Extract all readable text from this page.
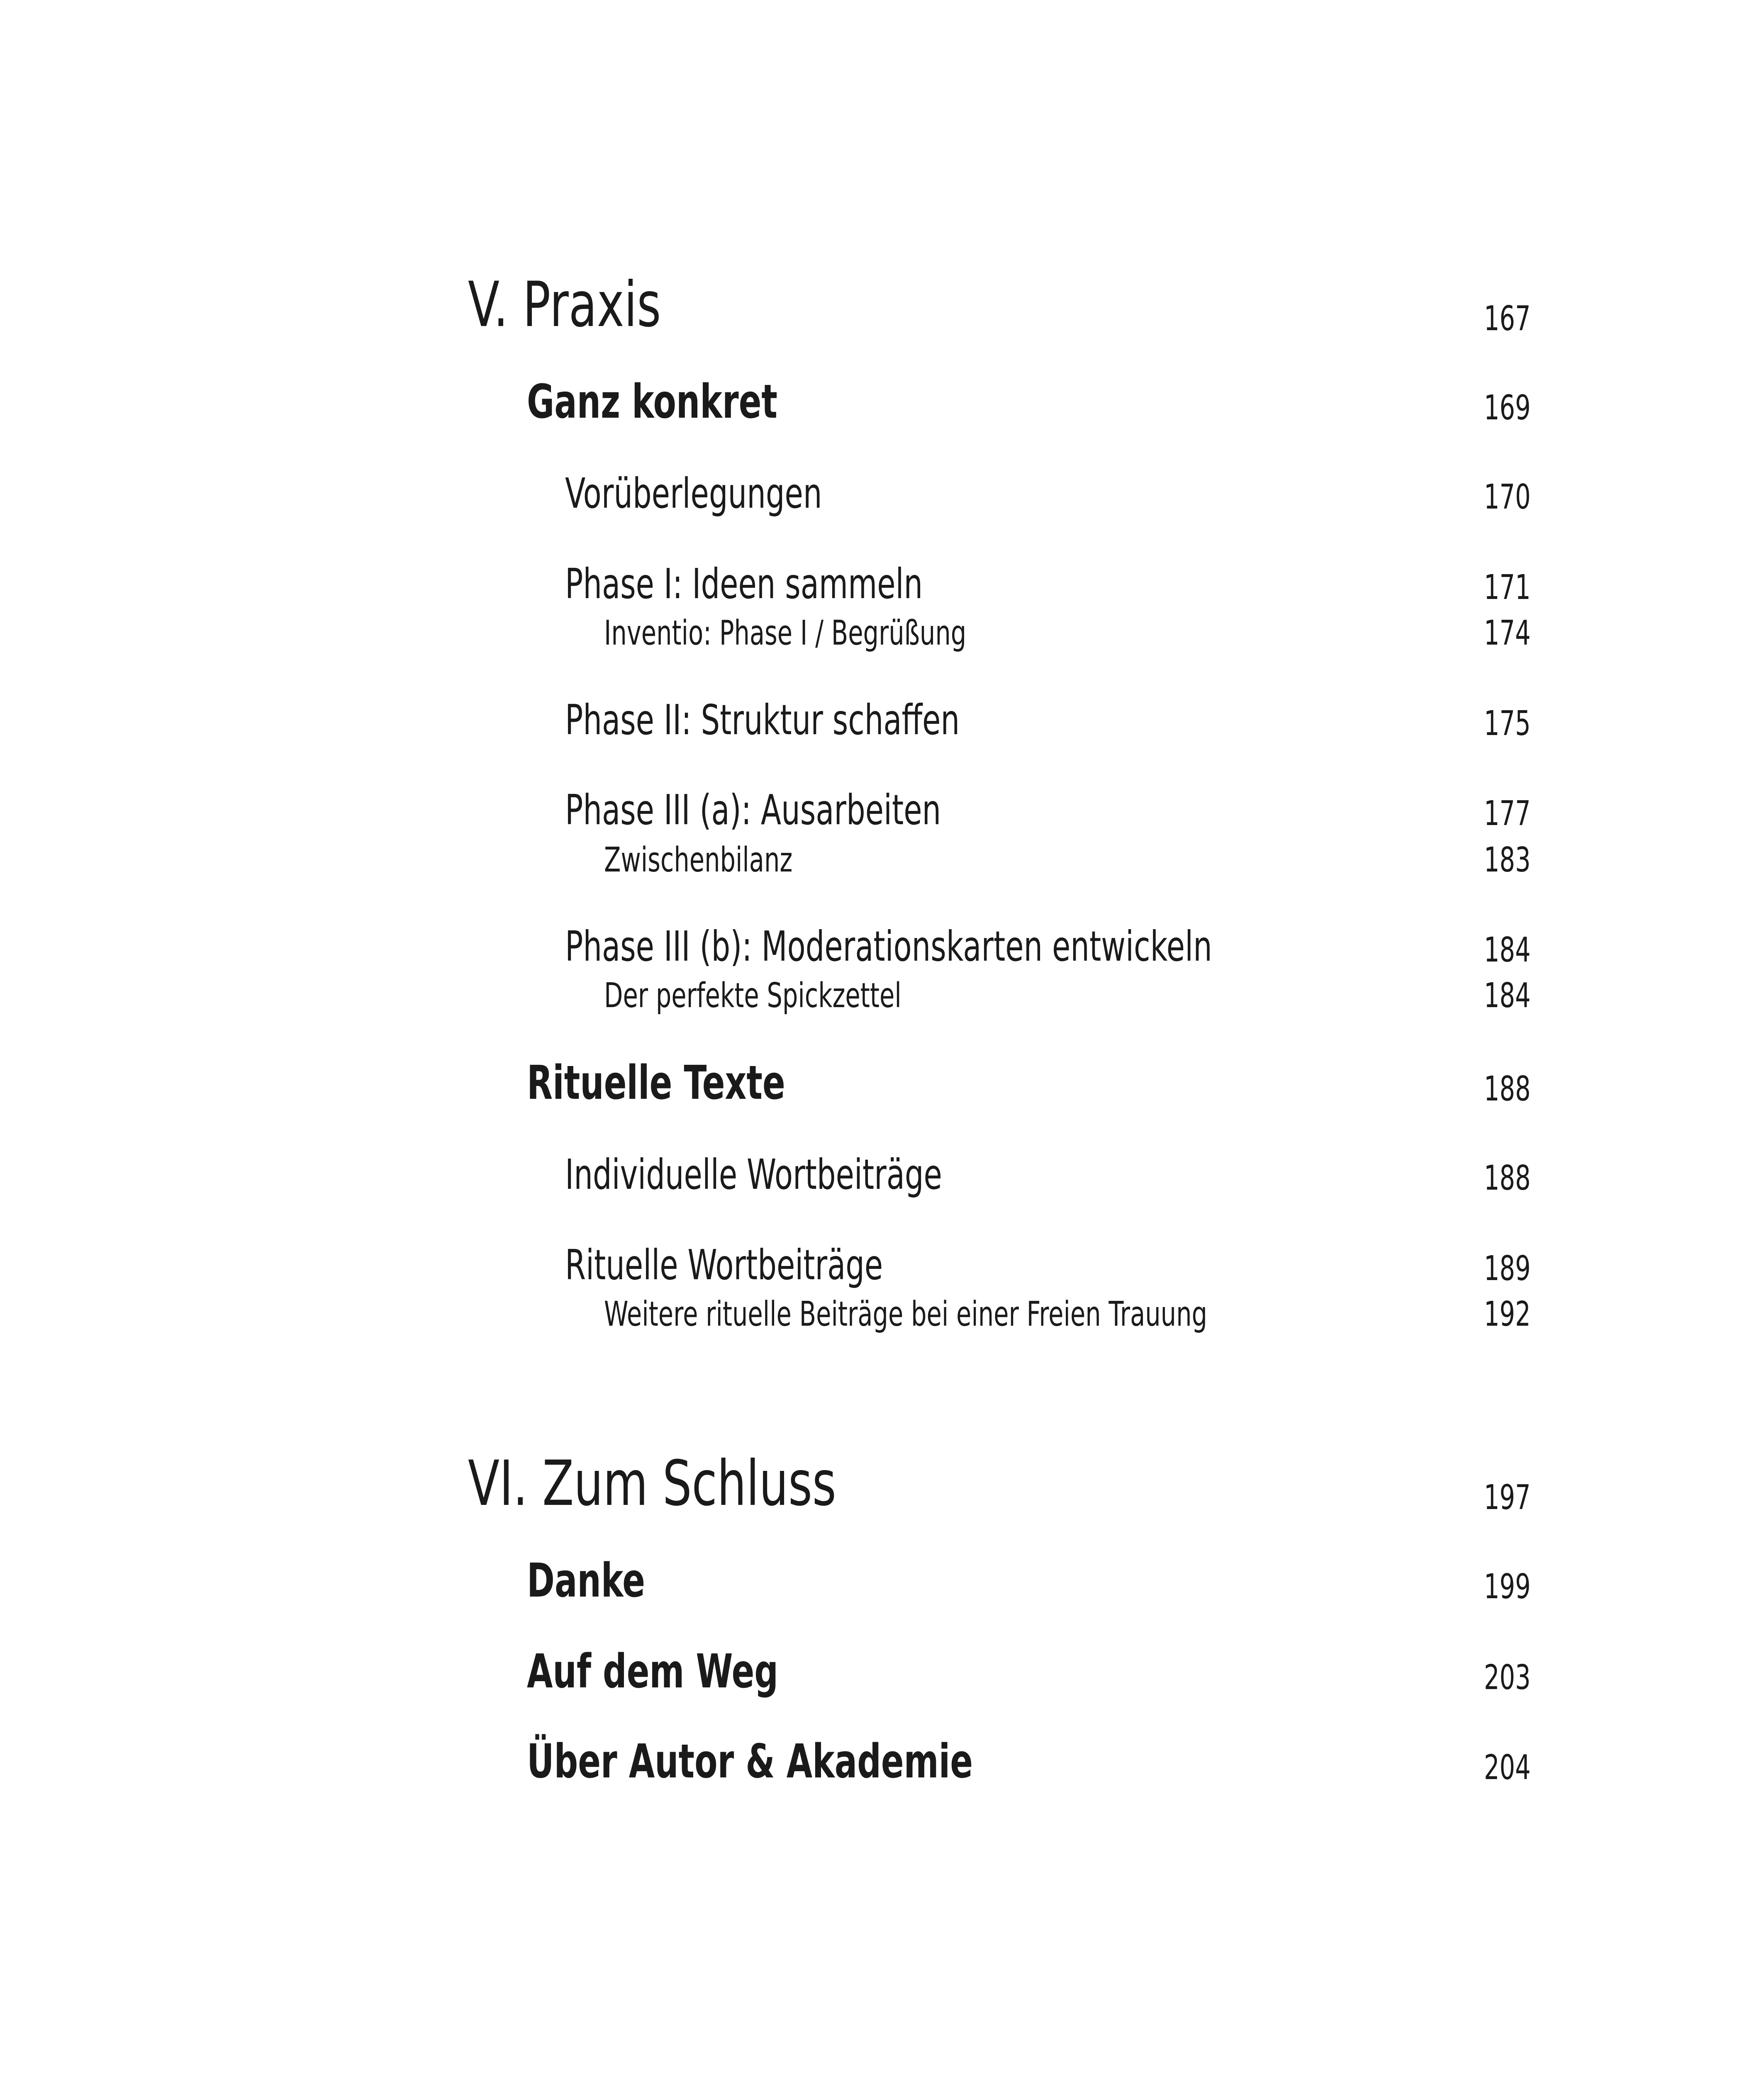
V. Praxis	167
Ganz konkret	169
Vorüberlegungen	170
Phase I: Ideen sammeln	171
Inventio: Phase I / Begrüßung	174
Phase II: Struktur schaffen	175
Phase III (a): Ausarbeiten	177
Zwischenbilanz	183
Phase III (b): Moderationskarten entwickeln	184
Der perfekte Spickzettel	184
Rituelle Texte	188
Individuelle Wortbeiträge	188
Rituelle Wortbeiträge	189
Weitere rituelle Beiträge bei einer Freien Trauung	192
VI. Zum Schluss	197
Danke	199
Auf dem Weg	203
Über Autor & Akademie	204
